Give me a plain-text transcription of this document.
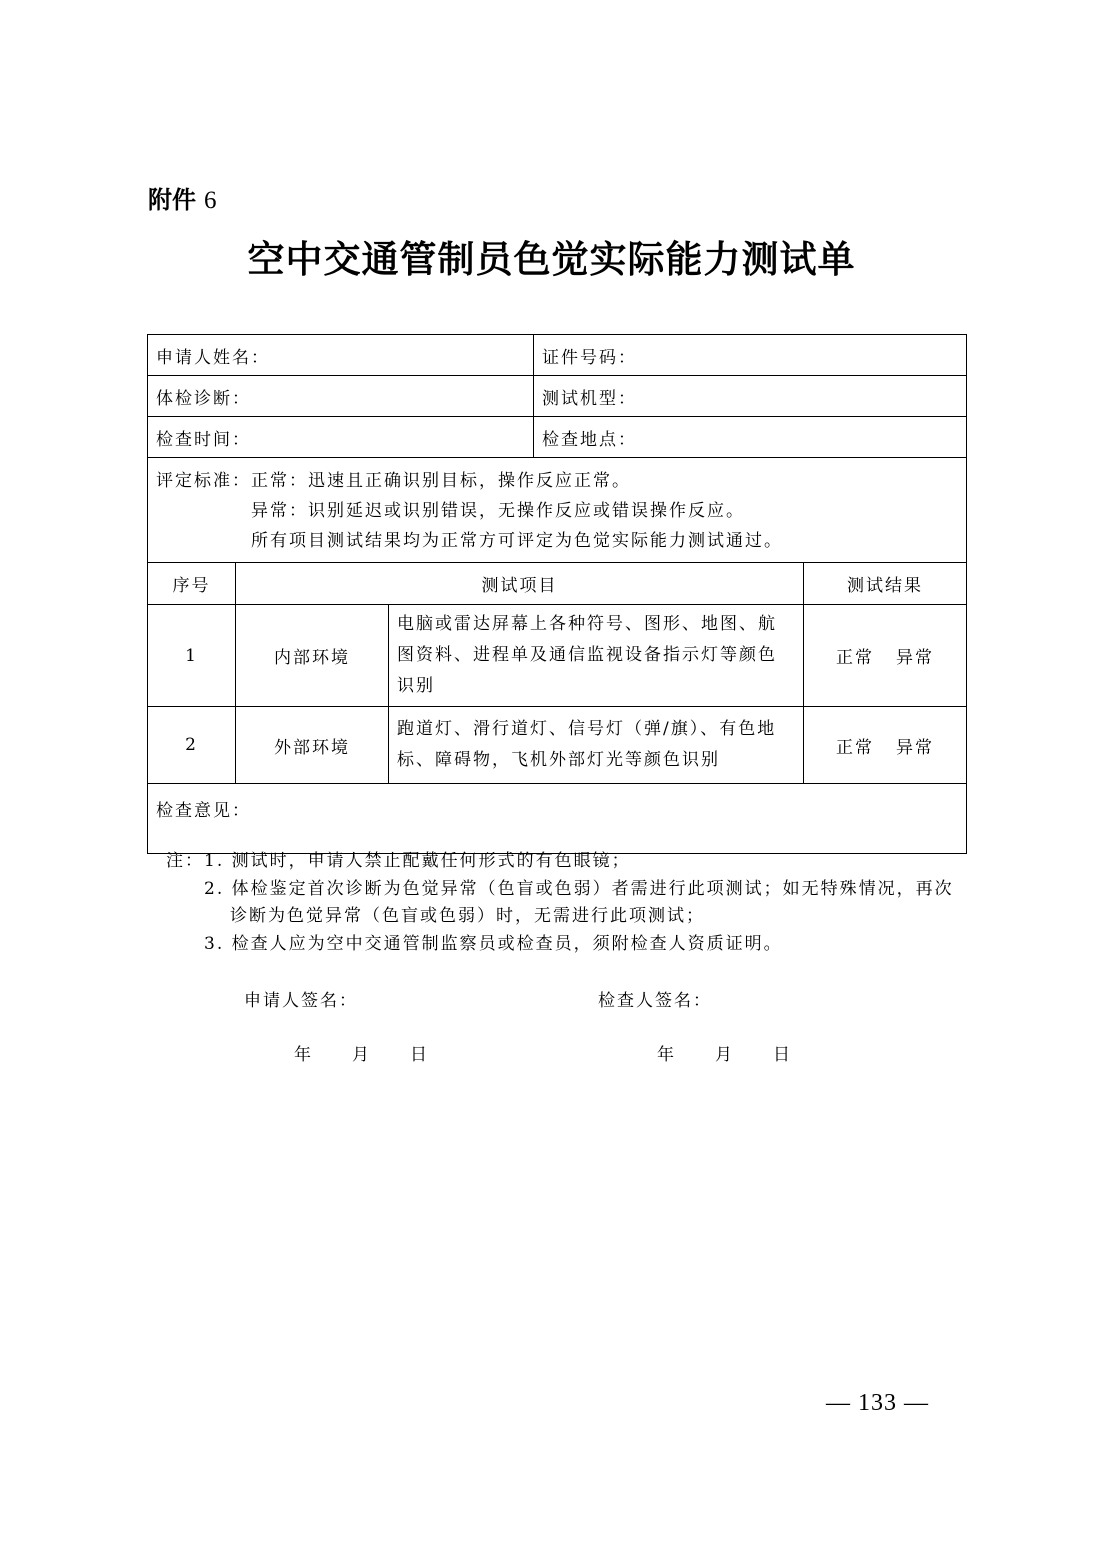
附件 6
空中交通管制员色觉实际能力测试单
申请人姓名：			证件号码：	
体检诊断：			测试机型：	
检查时间：			检查地点：	

评定标准：正常：迅速且正确识别目标，操作反应正常。
异常：识别延迟或识别错误，无操作反应或错误操作反应。
所有项目测试结果均为正常方可评定为色觉实际能力测试通过。				

序号	测试项目			测试结果
1	内部环境	电脑或雷达屏幕上各种符号、图形、地图、航图资料、进程单及通信监视设备指示灯等颜色识别		正常 异常
2	外部环境	跑道灯、滑行道灯、信号灯（弹/旗）、有色地标、障碍物，飞机外部灯光等颜色识别		正常 异常
检查意见：				
注：1. 测试时，申请人禁止配戴任何形式的有色眼镜；
2. 体检鉴定首次诊断为色觉异常（色盲或色弱）者需进行此项测试；如无特殊情况，再次
诊断为色觉异常（色盲或色弱）时，无需进行此项测试；
3. 检查人应为空中交通管制监察员或检查员，须附检查人资质证明。
申请人签名：	检查人签名：
年 月 日	年 月 日
— 133 —
